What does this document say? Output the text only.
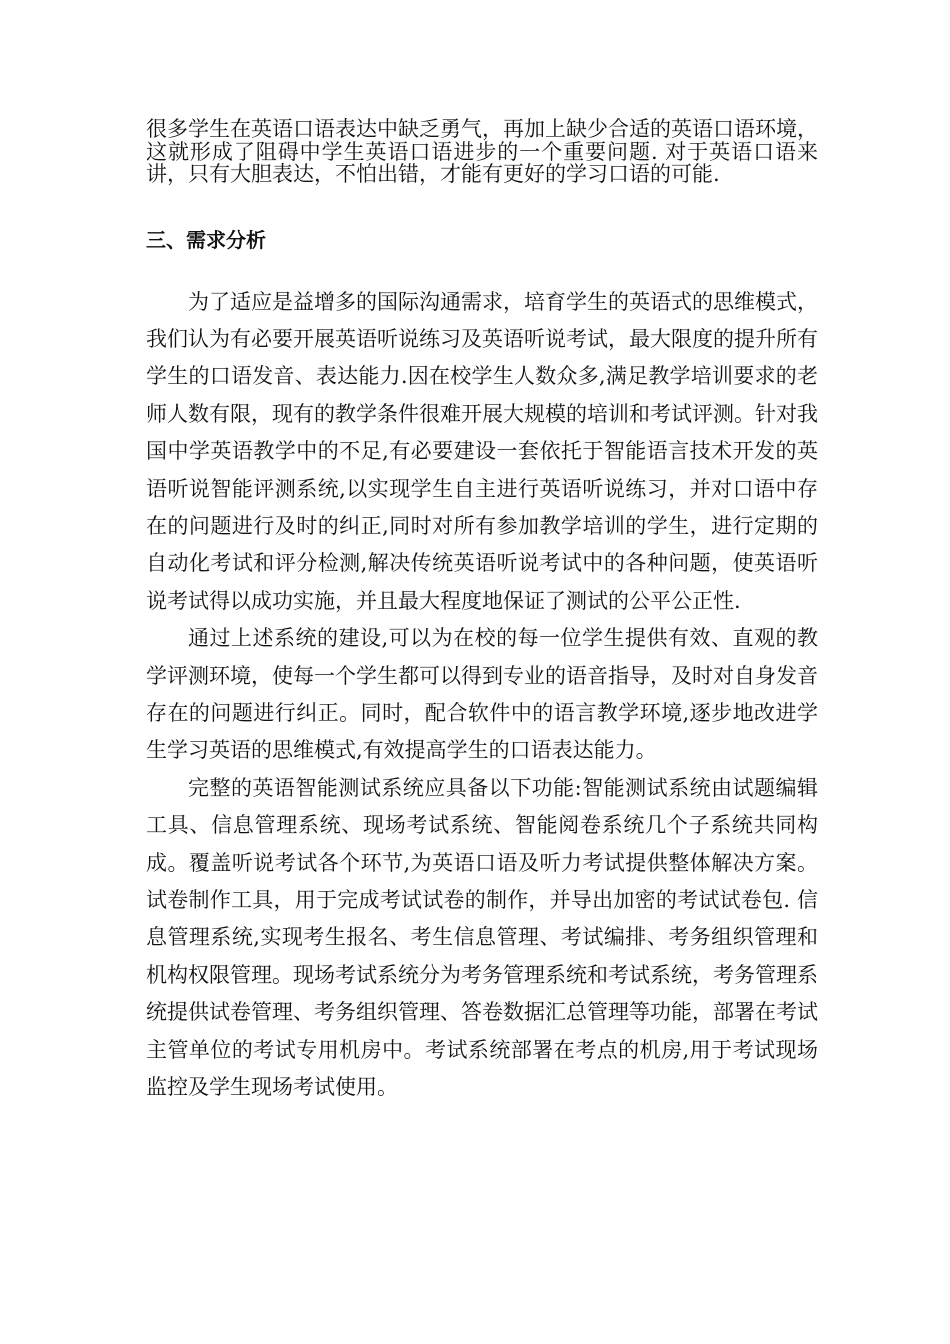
很多学生在英语口语表达中缺乏勇气，再加上缺少合适的英语口语环境，这就形成了阻碍中学生英语口语进步的一个重要问题. 对于英语口语来讲，只有大胆表达，不怕出错，才能有更好的学习口语的可能.

三、需求分析

为了适应是益增多的国际沟通需求，培育学生的英语式的思维模式，我们认为有必要开展英语听说练习及英语听说考试，最大限度的提升所有学生的口语发音、表达能力.因在校学生人数众多,满足教学培训要求的老师人数有限，现有的教学条件很难开展大规模的培训和考试评测。针对我国中学英语教学中的不足,有必要建设一套依托于智能语言技术开发的英语听说智能评测系统,以实现学生自主进行英语听说练习，并对口语中存在的问题进行及时的纠正,同时对所有参加教学培训的学生，进行定期的自动化考试和评分检测,解决传统英语听说考试中的各种问题，使英语听说考试得以成功实施，并且最大程度地保证了测试的公平公正性.

通过上述系统的建设,可以为在校的每一位学生提供有效、直观的教学评测环境，使每一个学生都可以得到专业的语音指导，及时对自身发音存在的问题进行纠正。同时，配合软件中的语言教学环境,逐步地改进学生学习英语的思维模式,有效提高学生的口语表达能力。

完整的英语智能测试系统应具备以下功能:智能测试系统由试题编辑工具、信息管理系统、现场考试系统、智能阅卷系统几个子系统共同构成。覆盖听说考试各个环节,为英语口语及听力考试提供整体解决方案。试卷制作工具，用于完成考试试卷的制作，并导出加密的考试试卷包. 信息管理系统,实现考生报名、考生信息管理、考试编排、考务组织管理和机构权限管理。现场考试系统分为考务管理系统和考试系统，考务管理系统提供试卷管理、考务组织管理、答卷数据汇总管理等功能，部署在考试主管单位的考试专用机房中。考试系统部署在考点的机房,用于考试现场监控及学生现场考试使用。
